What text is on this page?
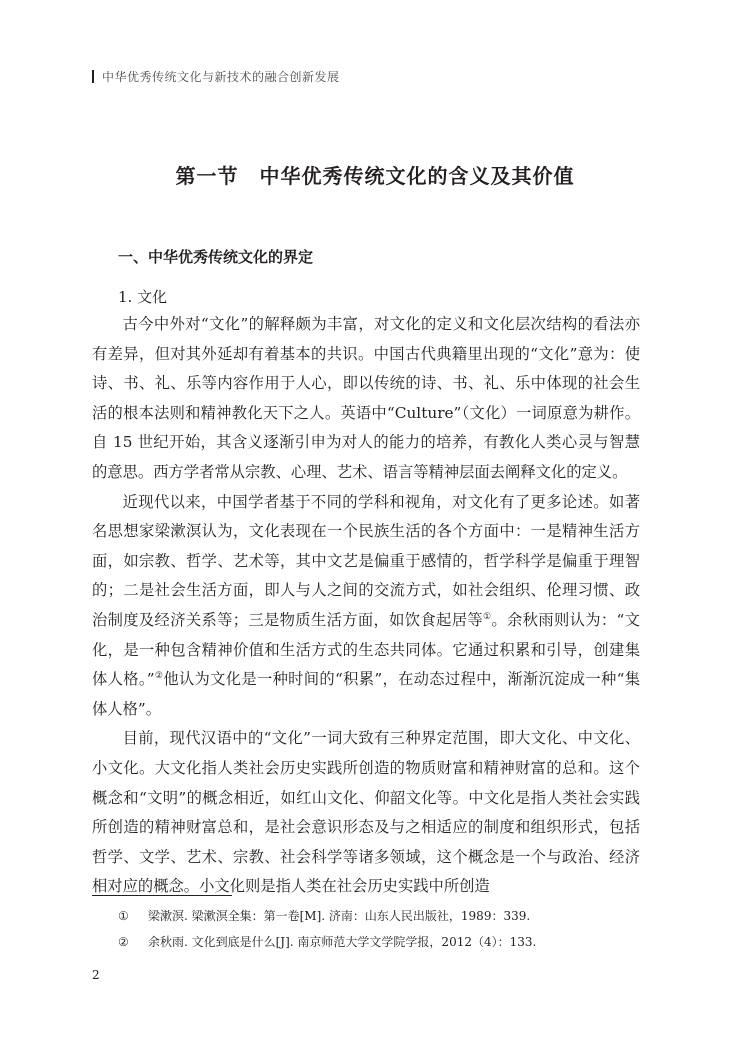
中华优秀传统文化与新技术的融合创新发展
第一节　中华优秀传统文化的含义及其价值
一、中华优秀传统文化的界定
1. 文化

古今中外对“文化”的解释颇为丰富，对文化的定义和文化层次结构的看法亦有差异，但对其外延却有着基本的共识。中国古代典籍里出现的“文化”意为：使诗、书、礼、乐等内容作用于人心，即以传统的诗、书、礼、乐中体现的社会生活的根本法则和精神教化天下之人。英语中“Culture”（文化）一词原意为耕作。自 15 世纪开始，其含义逐渐引申为对人的能力的培养，有教化人类心灵与智慧的意思。西方学者常从宗教、心理、艺术、语言等精神层面去阐释文化的定义。

近现代以来，中国学者基于不同的学科和视角，对文化有了更多论述。如著名思想家梁漱溟认为，文化表现在一个民族生活的各个方面中：一是精神生活方面，如宗教、哲学、艺术等，其中文艺是偏重于感情的，哲学科学是偏重于理智的；二是社会生活方面，即人与人之间的交流方式，如社会组织、伦理习惯、政治制度及经济关系等；三是物质生活方面，如饮食起居等①。余秋雨则认为：“文化，是一种包含精神价值和生活方式的生态共同体。它通过积累和引导，创建集体人格。”②他认为文化是一种时间的“积累”，在动态过程中，渐渐沉淀成一种“集体人格”。

目前，现代汉语中的“文化”一词大致有三种界定范围，即大文化、中文化、小文化。大文化指人类社会历史实践所创造的物质财富和精神财富的总和。这个概念和“文明”的概念相近，如红山文化、仰韶文化等。中文化是指人类社会实践所创造的精神财富总和，是社会意识形态及与之相适应的制度和组织形式，包括哲学、文学、艺术、宗教、社会科学等诸多领域，这个概念是一个与政治、经济相对应的概念。小文化则是指人类在社会历史实践中所创造

①	梁漱溟. 梁漱溟全集：第一卷[M]. 济南：山东人民出版社，1989：339.
②	余秋雨. 文化到底是什么[J]. 南京师范大学文学院学报，2012（4）：133.
2
